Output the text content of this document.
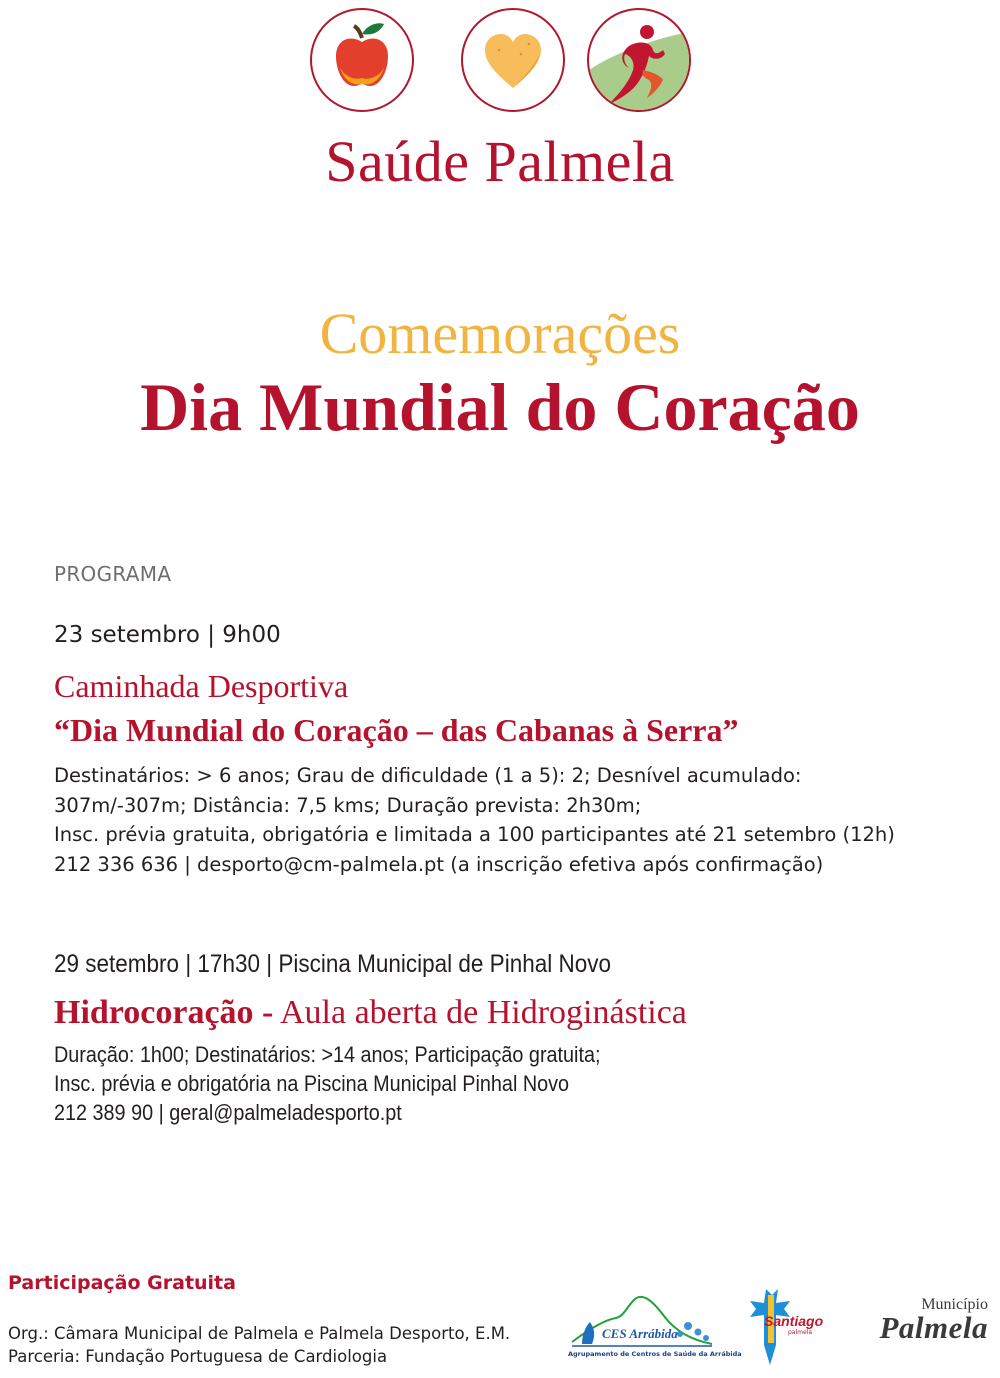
Saúde Palmela
Comemorações
Dia Mundial do Coração
PROGRAMA
23 setembro | 9h00
Caminhada Desportiva
“Dia Mundial do Coração – das Cabanas à Serra”
Destinatários: > 6 anos; Grau de dificuldade (1 a 5): 2; Desnível acumulado:
307m/-307m; Distância: 7,5 kms; Duração prevista: 2h30m;
Insc. prévia gratuita, obrigatória e limitada a 100 participantes até 21 setembro (12h)
212 336 636 | desporto@cm-palmela.pt (a inscrição efetiva após confirmação)
29 setembro | 17h30 | Piscina Municipal de Pinhal Novo
Hidrocoração - Aula aberta de Hidroginástica
Duração: 1h00; Destinatários: >14 anos; Participação gratuita;
Insc. prévia e obrigatória na Piscina Municipal Pinhal Novo
212 389 90 | geral@palmeladesporto.pt
Participação Gratuita
Org.: Câmara Municipal de Palmela e Palmela Desporto, E.M.
Parceria: Fundação Portuguesa de Cardiologia
CES Arrábida
Agrupamento de Centros de Saúde da Arrábida
Santiago
palmela
Município
Palmela
